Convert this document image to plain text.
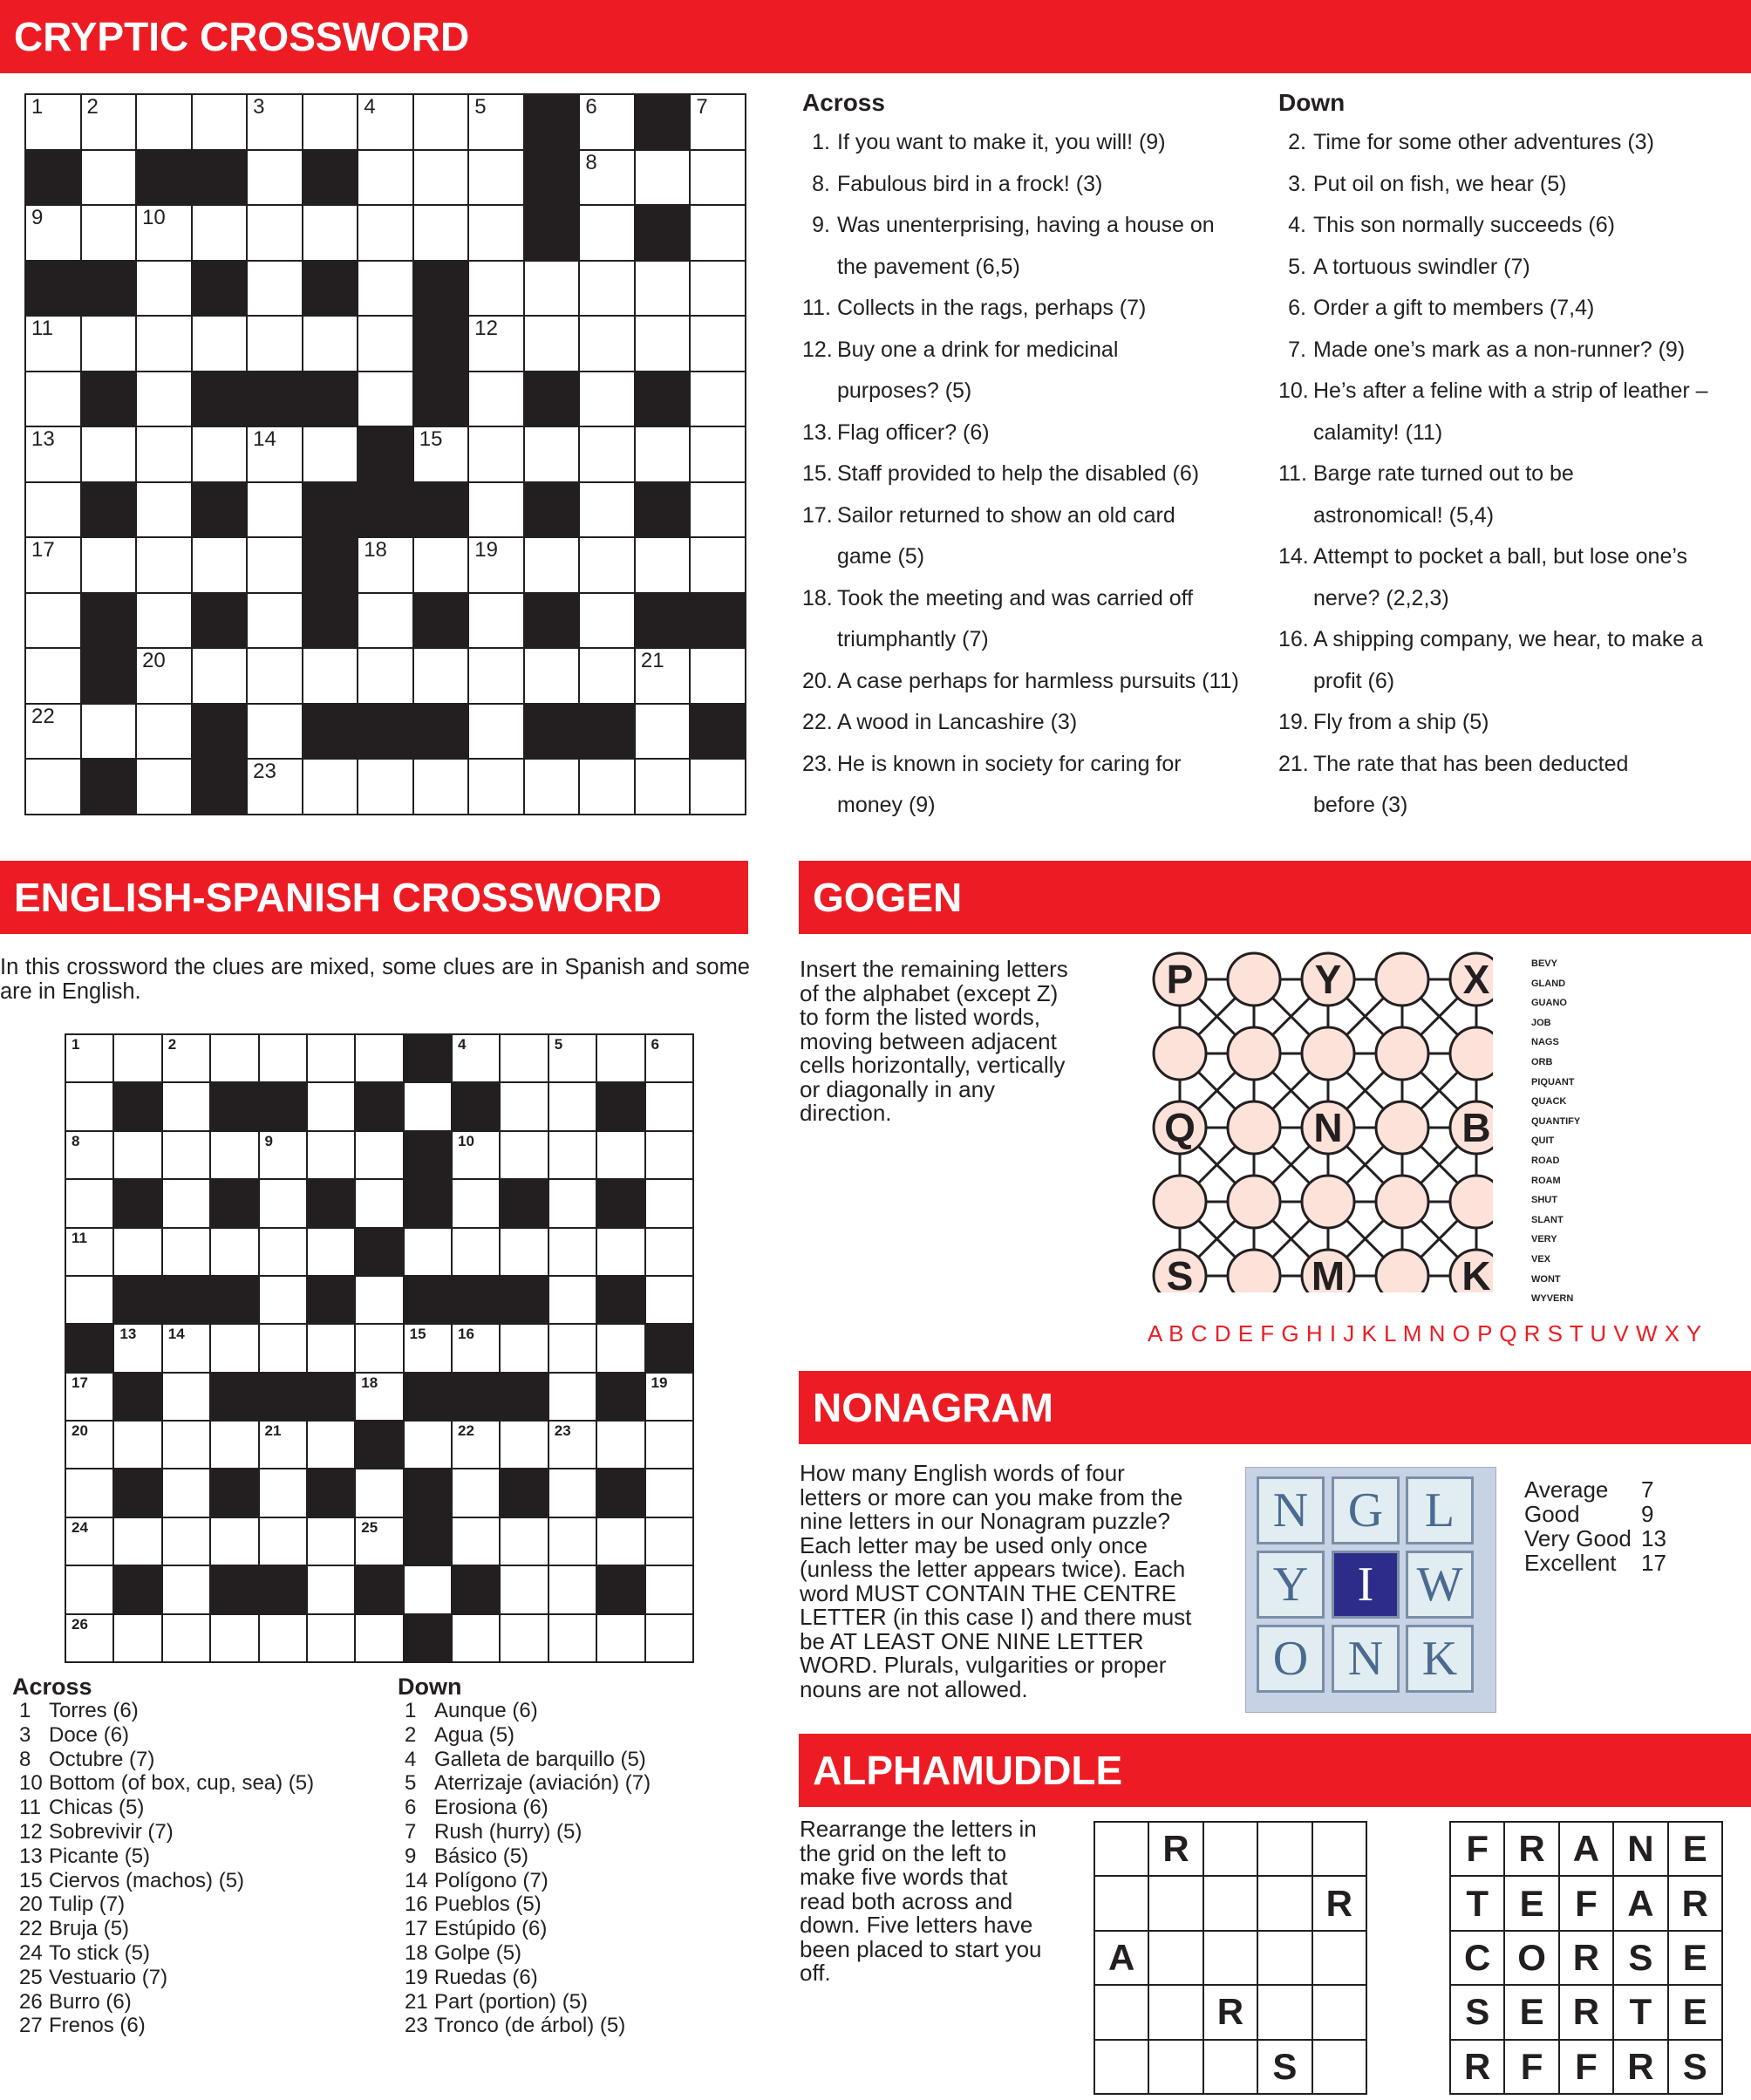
CRYPTIC CROSSWORD
1	2			3		4		5		6		7

										8		

9		10										

11								12				

13				14			15					

						16						

17						18		19				

		20									21	

22												

				23								

Across
1. If you want to make it, you will! (9)
8. Fabulous bird in a frock! (3)
9. Was unenterprising, having a house on
the pavement (6,5)
11. Collects in the rags, perhaps (7)
12. Buy one a drink for medicinal
purposes? (5)
13. Flag officer? (6)
15. Staff provided to help the disabled (6)
17. Sailor returned to show an old card
game (5)
18. Took the meeting and was carried off
triumphantly (7)
20. A case perhaps for harmless pursuits (11)
22. A wood in Lancashire (3)
23. He is known in society for caring for
money (9)
Down
2. Time for some other adventures (3)
3. Put oil on fish, we hear (5)
4. This son normally succeeds (6)
5. A tortuous swindler (7)
6. Order a gift to members (7,4)
7. Made one’s mark as a non-runner? (9)
10. He’s after a feline with a strip of leather –
calamity! (11)
11. Barge rate turned out to be
astronomical! (5,4)
14. Attempt to pocket a ball, but lose one’s
nerve? (2,2,3)
16. A shipping company, we hear, to make a
profit (6)
19. Fly from a ship (5)
21. The rate that has been deducted
before (3)
ENGLISH-SPANISH CROSSWORD
In this crossword the clues are mixed, some clues are in Spanish and some are in English.
1		2					3	4		5		6

						7						

8				9				10				

11						12						

	13	14					15	16				

17						18						19

20				21				22		23		

24						25						

26							27					

Across
1 Torres (6)
3 Doce (6)
8 Octubre (7)
10 Bottom (of box, cup, sea) (5)
11 Chicas (5)
12 Sobrevivir (7)
13 Picante (5)
15 Ciervos (machos) (5)
20 Tulip (7)
22 Bruja (5)
24 To stick (5)
25 Vestuario (7)
26 Burro (6)
27 Frenos (6)
Down
1 Aunque (6)
2 Agua (5)
4 Galleta de barquillo (5)
5 Aterrizaje (aviación) (7)
6 Erosiona (6)
7 Rush (hurry) (5)
9 Básico (5)
14 Polígono (7)
16 Pueblos (5)
17 Estúpido (6)
18 Golpe (5)
19 Ruedas (6)
21 Part (portion) (5)
23 Tronco (de árbol) (5)
GOGEN
Insert the remaining letters of the alphabet (except Z) to form the listed words, moving between adjacent cells horizontally, vertically or diagonally in any direction.
P	Y	X
Q	N	B
S	M	K
BEVY
GLAND
GUANO
JOB
NAGS
ORB
PIQUANT
QUACK
QUANTIFY
QUIT
ROAD
ROAM
SHUT
SLANT
VERY
VEX
WONT
WYVERN
A B C D E F G H I J K L M N O P Q R S T U V W X Y
NONAGRAM
How many English words of four letters or more can you make from the nine letters in our Nonagram puzzle? Each letter may be used only once (unless the letter appears twice). Each word MUST CONTAIN THE CENTRE LETTER (in this case I) and there must be AT LEAST ONE NINE LETTER WORD. Plurals, vulgarities or proper nouns are not allowed.
N G L
Y	I W
O N K
Average	7
Good	9
Very Good 13
Excellent	17
ALPHAMUDDLE
Rearrange the letters in the grid on the left to make five words that read both across and down. Five letters have been placed to start you off.
	R			
				R
A				
		R		
			S	
F	R	A	N	E
T	E	F	A	R
C	O	R	S	E
S	E	R	T	E
R	F	F	R	S
